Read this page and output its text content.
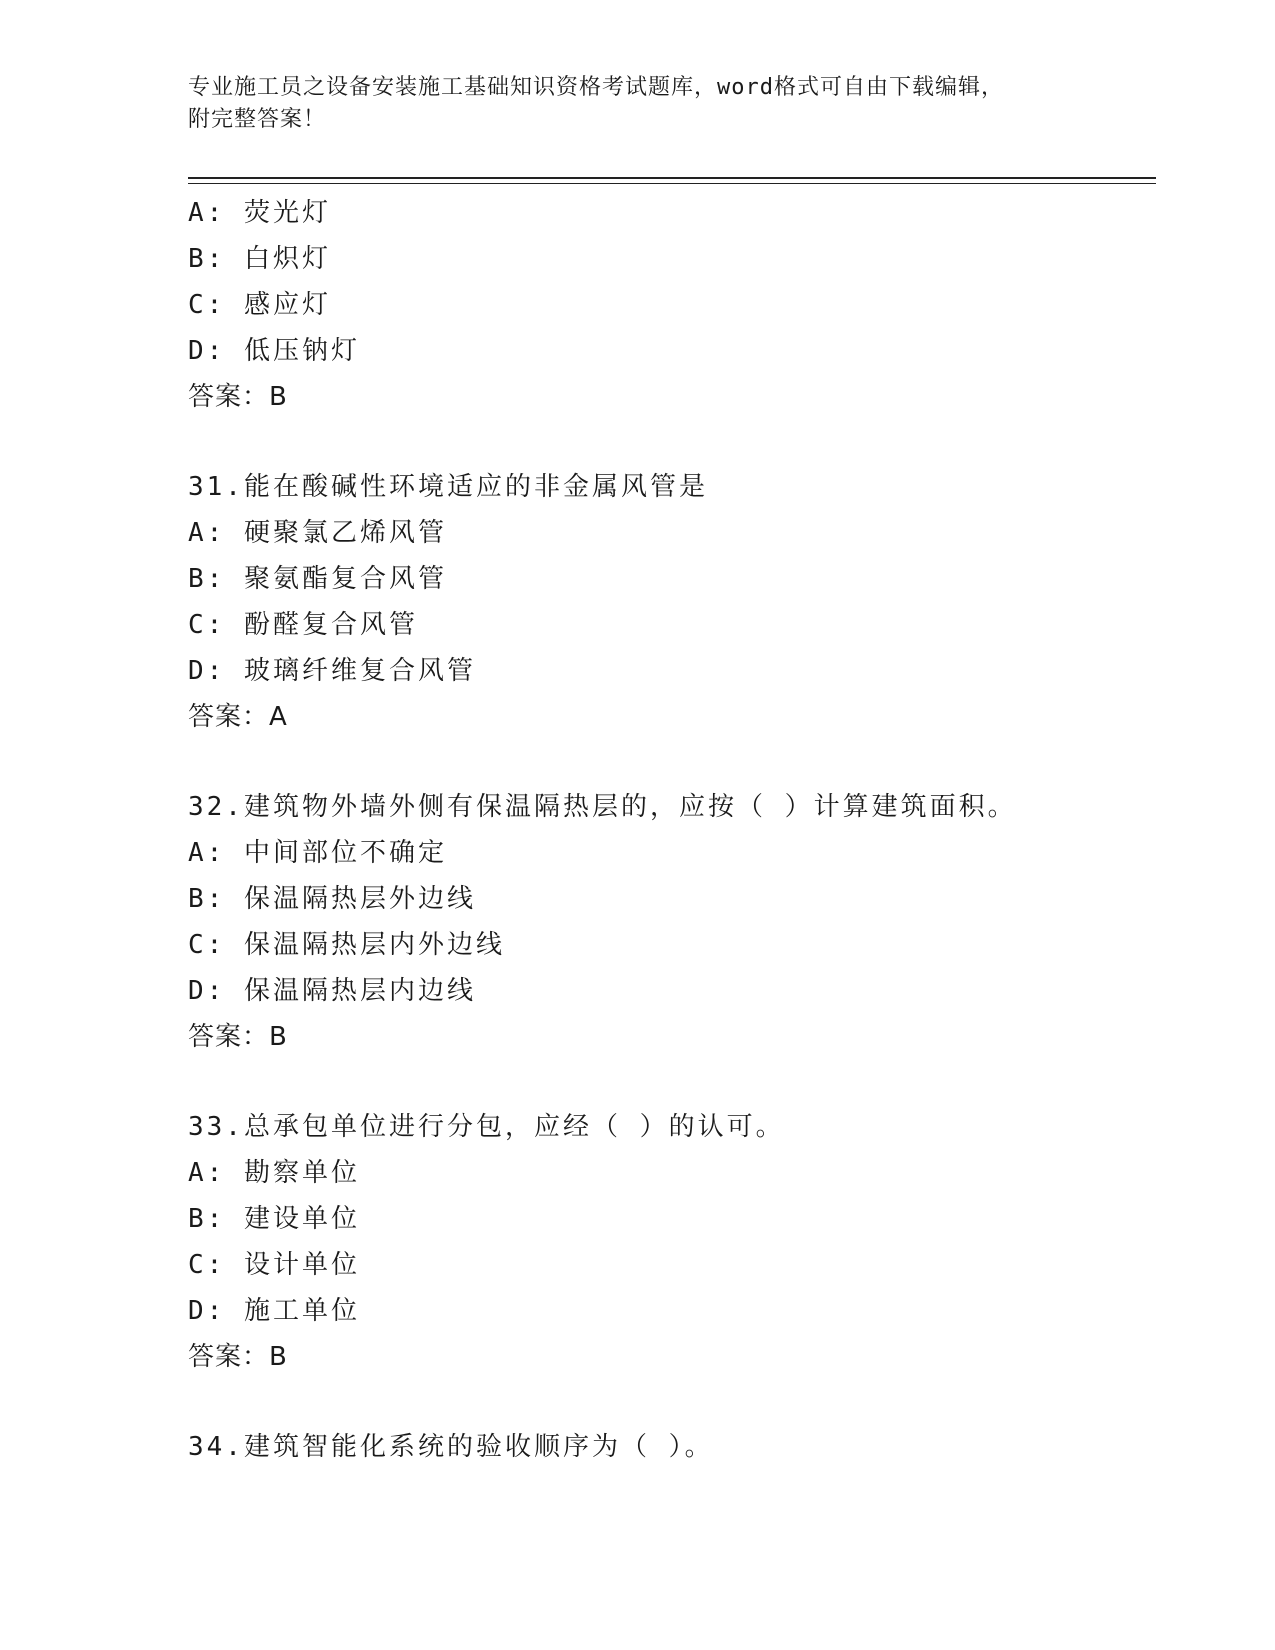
专业施工员之设备安装施工基础知识资格考试题库，word格式可自由下载编辑，
附完整答案！
A: 荧光灯
B: 白炽灯
C: 感应灯
D: 低压钠灯
答案：B
31.能在酸碱性环境适应的非金属风管是
A: 硬聚氯乙烯风管
B: 聚氨酯复合风管
C: 酚醛复合风管
D: 玻璃纤维复合风管
答案：A
32.建筑物外墙外侧有保温隔热层的，应按（ ）计算建筑面积。
A: 中间部位不确定
B: 保温隔热层外边线
C: 保温隔热层内外边线
D: 保温隔热层内边线
答案：B
33.总承包单位进行分包，应经（ ）的认可。
A: 勘察单位
B: 建设单位
C: 设计单位
D: 施工单位
答案：B
34.建筑智能化系统的验收顺序为（ ）。
